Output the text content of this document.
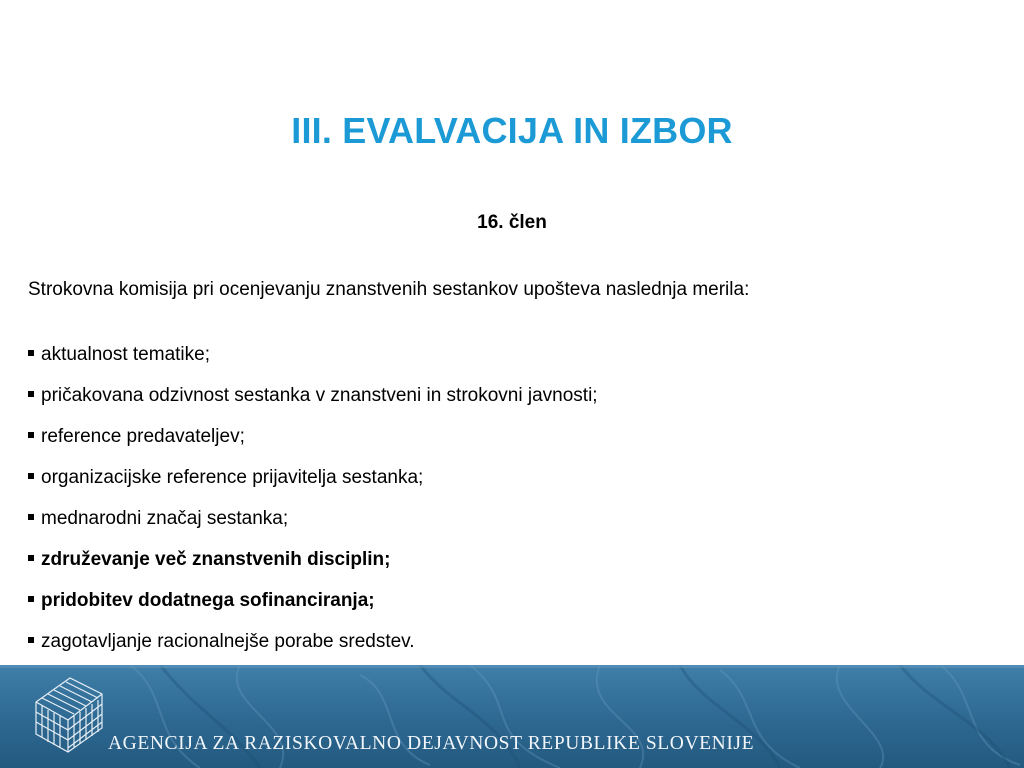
III. EVALVACIJA IN IZBOR
16. člen
Strokovna komisija pri ocenjevanju znanstvenih sestankov upošteva naslednja merila:
aktualnost tematike;
pričakovana odzivnost sestanka v znanstveni in strokovni javnosti;
reference predavateljev;
organizacijske reference prijavitelja sestanka;
mednarodni značaj sestanka;
združevanje več znanstvenih disciplin;
pridobitev dodatnega sofinanciranja;
zagotavljanje racionalnejše porabe sredstev.
AGENCIJA ZA RAZISKOVALNO DEJAVNOST REPUBLIKE SLOVENIJE
